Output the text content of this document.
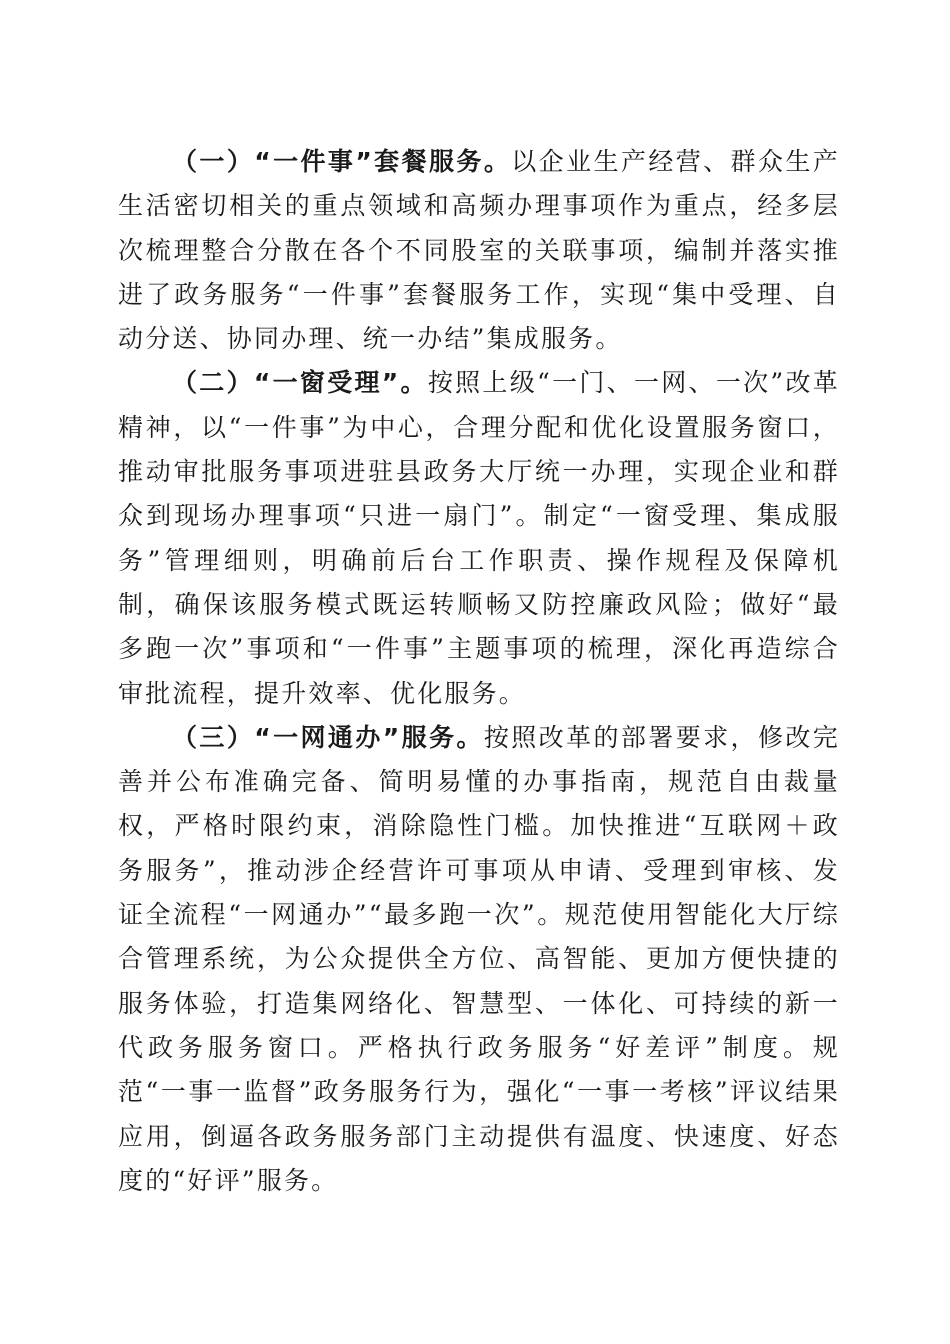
（一）“一件事”套餐服务。以企业生产经营、群众生产生活密切相关的重点领域和高频办理事项作为重点，经多层次梳理整合分散在各个不同股室的关联事项，编制并落实推进了政务服务“一件事”套餐服务工作，实现“集中受理、自动分送、协同办理、统一办结”集成服务。

（二）“一窗受理”。按照上级“一门、一网、一次”改革精神，以“一件事”为中心，合理分配和优化设置服务窗口，推动审批服务事项进驻县政务大厅统一办理，实现企业和群众到现场办理事项“只进一扇门”。制定“一窗受理、集成服务”管理细则，明确前后台工作职责、操作规程及保障机制，确保该服务模式既运转顺畅又防控廉政风险；做好“最多跑一次”事项和“一件事”主题事项的梳理，深化再造综合审批流程，提升效率、优化服务。

（三）“一网通办”服务。按照改革的部署要求，修改完善并公布准确完备、简明易懂的办事指南，规范自由裁量权，严格时限约束，消除隐性门槛。加快推进“互联网＋政务服务”，推动涉企经营许可事项从申请、受理到审核、发证全流程“一网通办”“最多跑一次”。规范使用智能化大厅综合管理系统，为公众提供全方位、高智能、更加方便快捷的服务体验，打造集网络化、智慧型、一体化、可持续的新一代政务服务窗口。严格执行政务服务“好差评”制度。规范“一事一监督”政务服务行为，强化“一事一考核”评议结果应用，倒逼各政务服务部门主动提供有温度、快速度、好态度的“好评”服务。
